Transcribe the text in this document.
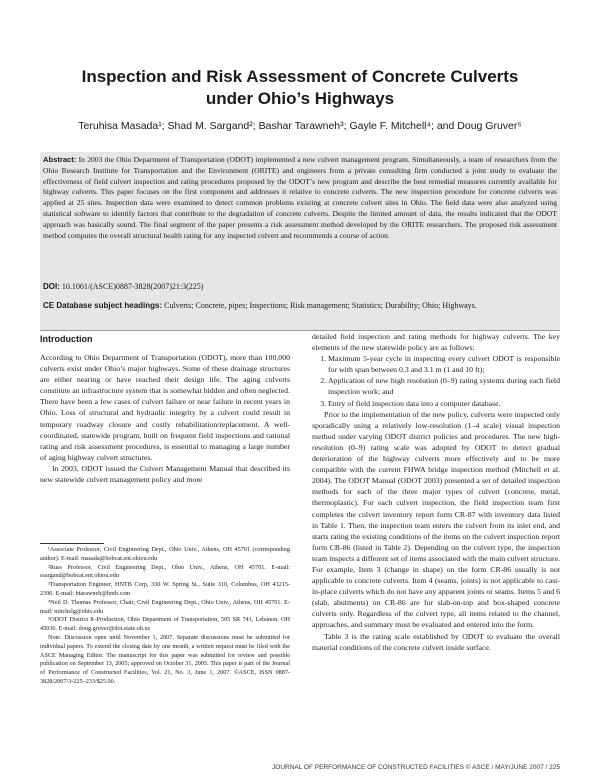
Inspection and Risk Assessment of Concrete Culverts under Ohio’s Highways
Teruhisa Masada¹; Shad M. Sargand²; Bashar Tarawneh³; Gayle F. Mitchell⁴; and Doug Gruver⁵

Abstract: In 2003 the Ohio Department of Transportation (ODOT) implemented a new culvert management program. Simultaneously, a team of researchers from the Ohio Research Institute for Transportation and the Environment (ORITE) and engineers from a private consulting firm conducted a joint study to evaluate the effectiveness of field culvert inspection and rating procedures proposed by the ODOT’s new program and describe the best remedial measures currently available for highway culverts. This paper focuses on the first component and addresses it relative to concrete culverts. The new inspection procedure for concrete culverts was applied at 25 sites. Inspection data were examined to detect common problems existing at concrete culvert sites in Ohio. The field data were also analyzed using statistical software to identify factors that contribute to the degradation of concrete culverts. Despite the limited amount of data, the results indicated that the ODOT approach was basically sound. The final segment of the paper presents a risk assessment method developed by the ORITE researchers. The proposed risk assessment method computes the overall structural health rating for any inspected culvert and recommends a course of action.

DOI: 10.1061/(ASCE)0887-3828(2007)21:3(225)
CE Database subject headings: Culverts; Concrete, pipes; Inspections; Risk management; Statistics; Durability; Ohio; Highways.
Introduction

According to Ohio Department of Transportation (ODOT), more than 100,000 culverts exist under Ohio’s major highways. Some of these drainage structures are either nearing or have reached their design life. The aging culverts constitute an infrastructure system that is somewhat hidden and often neglected. There have been a few cases of culvert failure or near failure in recent years in Ohio. Loss of structural and hydraulic integrity by a culvert could result in temporary roadway closure and costly rehabilitation/replacement. A well-coordinated, statewide program, built on frequent field inspections and rational rating and risk assessment procedures, is essential to managing a large number of aging highway culvert structures.

In 2003, ODOT issued the Culvert Management Manual that described its new statewide culvert management policy and more

¹Associate Professor, Civil Engineering Dept., Ohio Univ., Athens, OH 45701 (corresponding author). E-mail: masada@bobcat.ent.ohiou.edu

²Russ Professor, Civil Engineering Dept., Ohio Univ., Athens, OH 45701. E-mail: ssargand@bobcat.ent.ohiou.edu

³Transportation Engineer, HNTB Corp, 330 W. Spring St., Suite 310, Columbus, OH 43215-2390. E-mail: btarawneh@hntb.com

⁴Neil D. Thomas Professor, Chair, Civil Engineering Dept., Ohio Univ., Athens, OH 45701. E-mail: mitchelg@ohio.edu

⁵ODOT District 8–Production, Ohio Department of Transportation, 505 SR 741, Lebanon, OH 45036. E-mail: doug.gruver@dot.state.oh.us

Note. Discussion open until November 1, 2007. Separate discussions must be submitted for individual papers. To extend the closing date by one month, a written request must be filed with the ASCE Managing Editor. The manuscript for this paper was submitted for review and possible publication on September 13, 2005; approved on October 31, 2005. This paper is part of the Journal of Performance of Constructed Facilities, Vol. 21, No. 3, June 1, 2007. ©ASCE, ISSN 0887-3828/2007/3-225–233/$25.00.

detailed field inspection and rating methods for highway culverts. The key elements of the new statewide policy are as follows:

1. Maximum 5-year cycle in inspecting every culvert ODOT is responsible for with span between 0.3 and 3.1 m (1 and 10 ft);
2. Application of new high resolution (0–9) rating systems during each field inspection work; and
3. Entry of field inspection data into a computer database.

Prior to the implementation of the new policy, culverts were inspected only sporadically using a relatively low-resolution (1–4 scale) visual inspection method under varying ODOT district policies and procedures. The new high-resolution (0–9) rating scale was adopted by ODOT to detect gradual deterioration of the highway culverts more effectively and to be more compatible with the current FHWA bridge inspection method (Mitchell et al. 2004). The ODOT Manual (ODOT 2003) presented a set of detailed inspection methods for each of the three major types of culvert (concrete, metal, thermoplastic). For each culvert inspection, the field inspection team first completes the culvert inventory report form CR-87 with inventory data listed in Table 1. Then, the inspection team enters the culvert from its inlet end, and starts rating the existing conditions of the items on the culvert inspection report form CR-86 (listed in Table 2). Depending on the culvert type, the inspection team inspects a different set of items associated with the main culvert structure. For example, Item 3 (change in shape) on the form CR-86 usually is not applicable to concrete culverts. Item 4 (seams, joints) is not applicable to cast-in-place culverts which do not have any apparent joints or seams. Items 5 and 6 (slab, abutments) on CR-86 are for slab-on-top and box-shaped concrete culverts only. Regardless of the culvert type, all items related to the channel, approaches, and summary must be evaluated and entered into the form.

Table 3 is the rating scale established by ODOT to evaluate the overall material conditions of the concrete culvert inside surface.

JOURNAL OF PERFORMANCE OF CONSTRUCTED FACILITIES © ASCE / MAY/JUNE 2007 / 225
